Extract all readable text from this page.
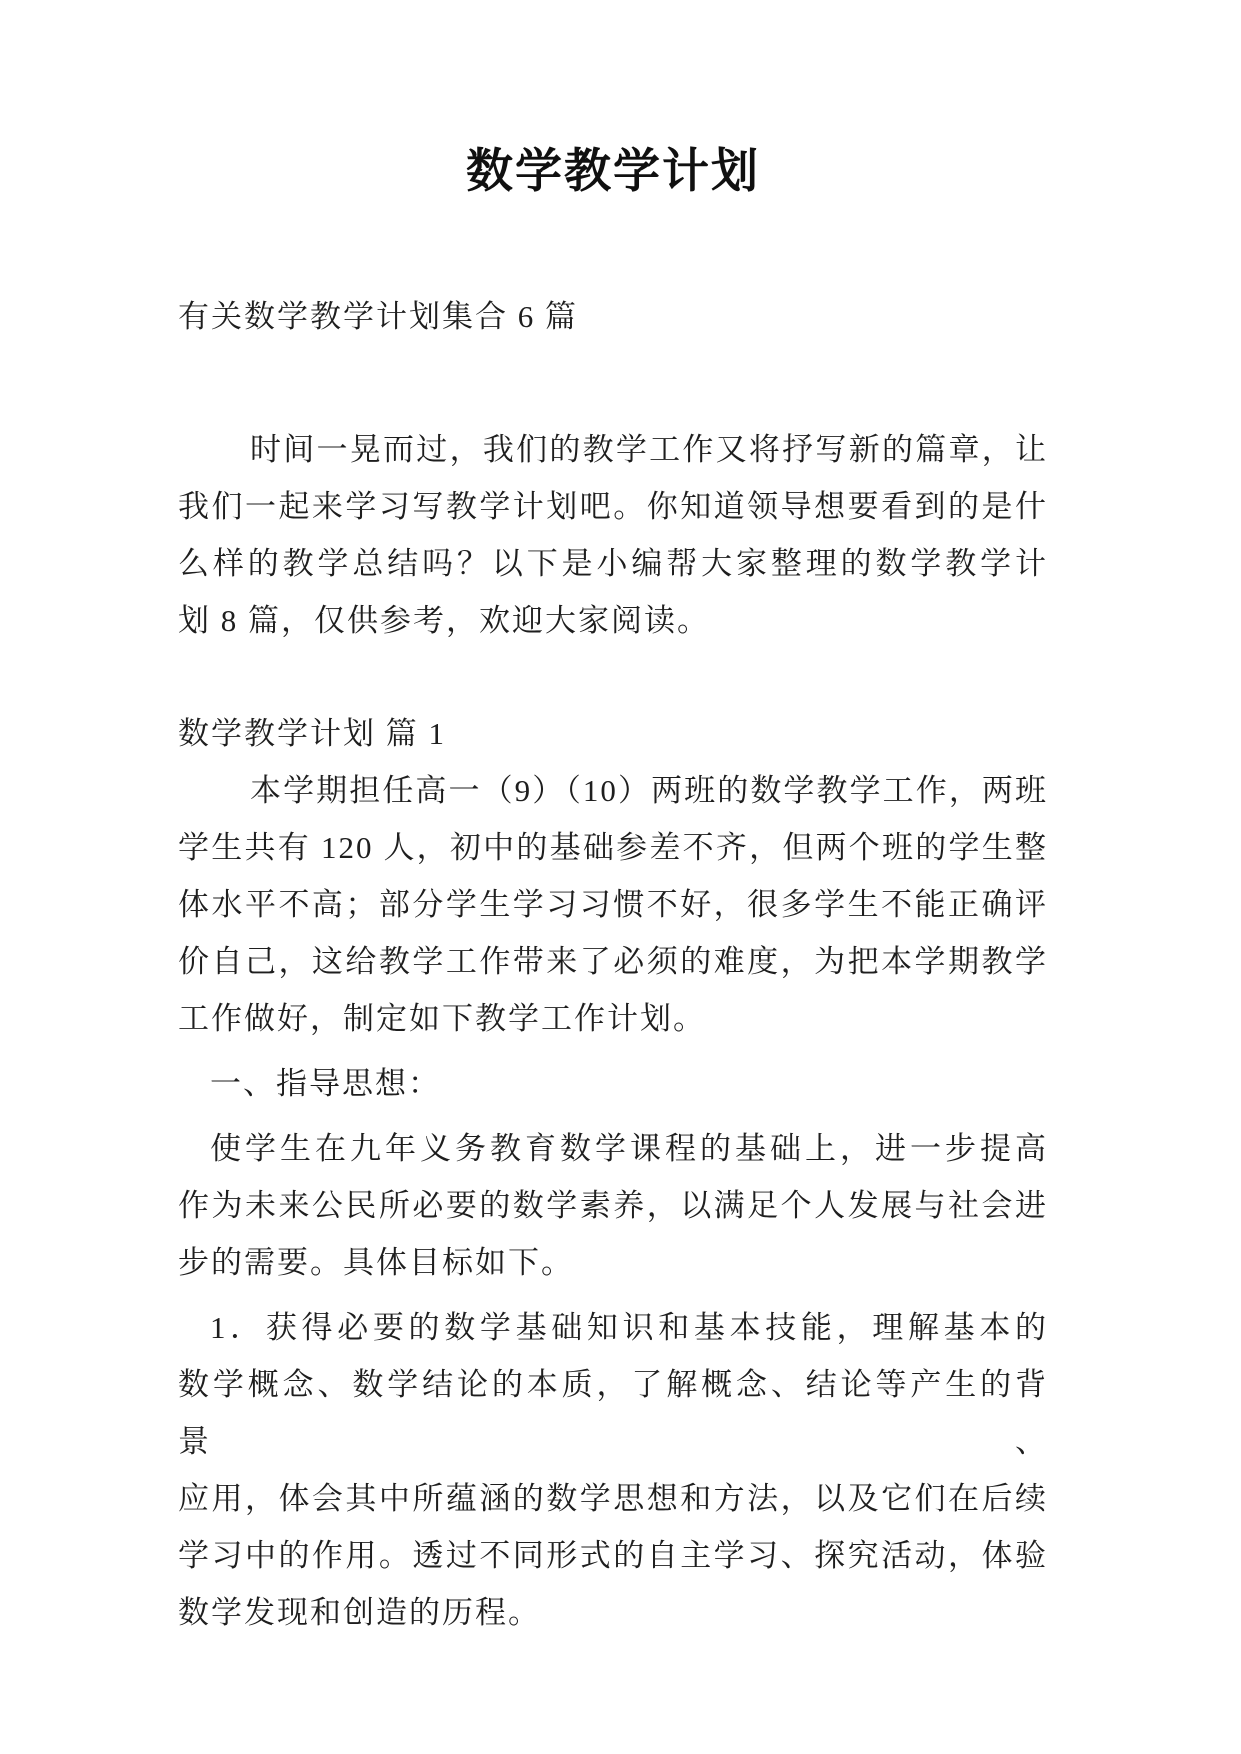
数学教学计划
有关数学教学计划集合 6 篇
时间一晃而过，我们的教学工作又将抒写新的篇章，让
我们一起来学习写教学计划吧。你知道领导想要看到的是什
么样的教学总结吗？以下是小编帮大家整理的数学教学计
划 8 篇，仅供参考，欢迎大家阅读。
数学教学计划 篇 1
本学期担任高一（9）（10）两班的数学教学工作，两班
学生共有 120 人，初中的基础参差不齐，但两个班的学生整
体水平不高；部分学生学习习惯不好，很多学生不能正确评
价自己，这给教学工作带来了必须的难度，为把本学期教学
工作做好，制定如下教学工作计划。
一、指导思想：
使学生在九年义务教育数学课程的基础上，进一步提高
作为未来公民所必要的数学素养，以满足个人发展与社会进
步的需要。具体目标如下。
1．获得必要的数学基础知识和基本技能，理解基本的
数学概念、数学结论的本质，了解概念、结论等产生的背景、
应用，体会其中所蕴涵的数学思想和方法，以及它们在后续
学习中的作用。透过不同形式的自主学习、探究活动，体验
数学发现和创造的历程。
